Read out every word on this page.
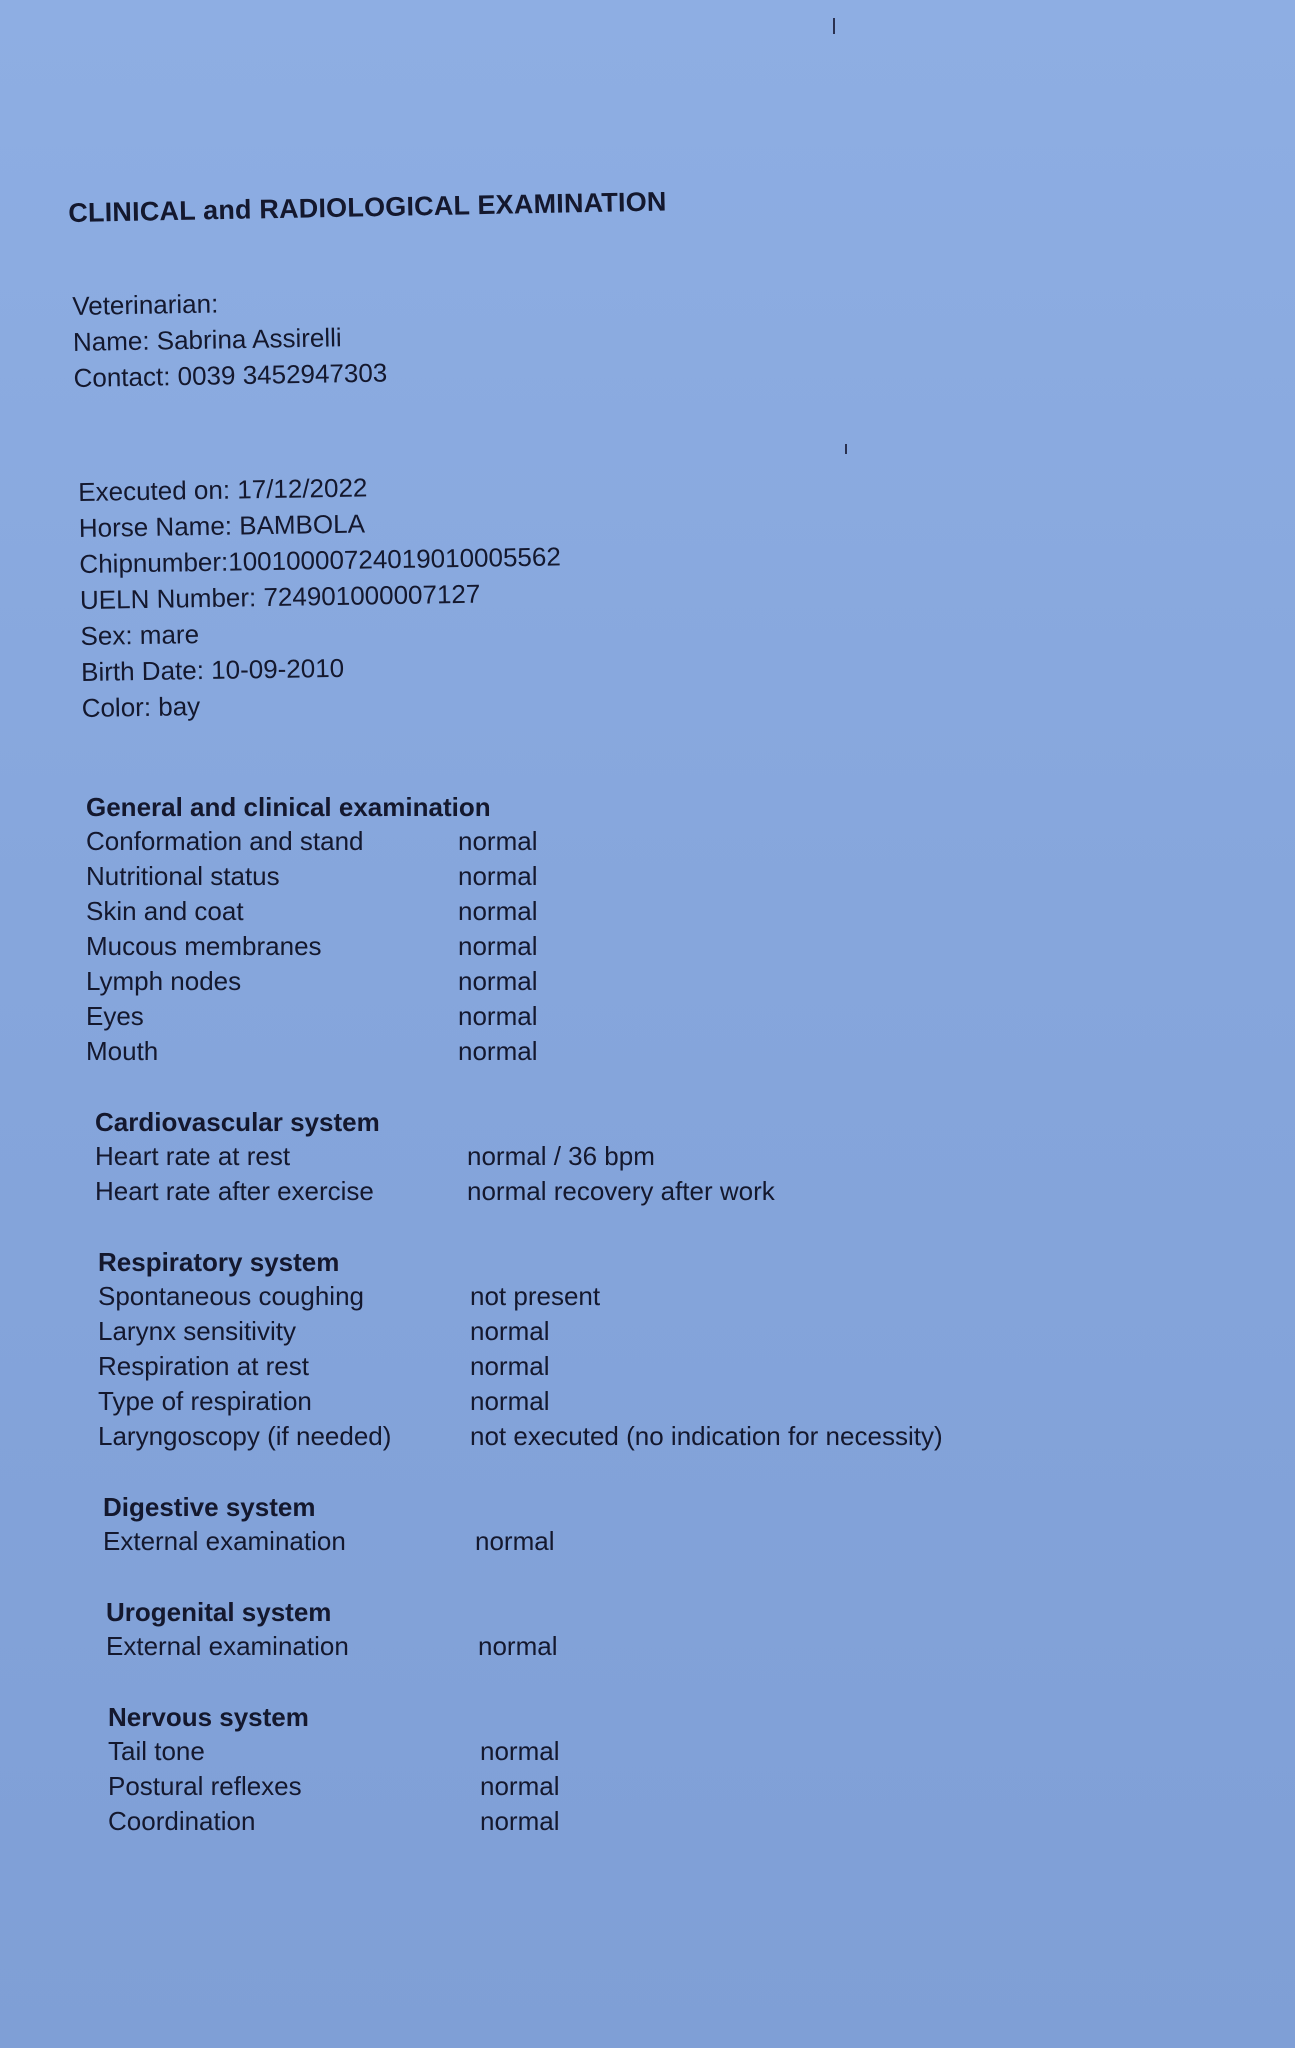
CLINICAL and RADIOLOGICAL EXAMINATION
Veterinarian:
Name: Sabrina Assirelli
Contact: 0039 3452947303
Executed on: 17/12/2022
Horse Name: BAMBOLA
Chipnumber:100100007240190100055​62
UELN Number: 724901000007127
Sex: mare
Birth Date: 10-09-2010
Color: bay
General and clinical examination
Conformation and stand	normal
Nutritional status	normal
Skin and coat	normal
Mucous membranes	normal
Lymph nodes	normal
Eyes	normal
Mouth	normal
Cardiovascular system
Heart rate at rest	normal / 36 bpm
Heart rate after exercise	normal recovery after work
Respiratory system
Spontaneous coughing	not present
Larynx sensitivity	normal
Respiration at rest	normal
Type of respiration	normal
Laryngoscopy (if needed)	not executed (no indication for necessity)
Digestive system
External examination	normal
Urogenital system
External examination	normal
Nervous system
Tail tone	normal
Postural reflexes	normal
Coordination	normal
